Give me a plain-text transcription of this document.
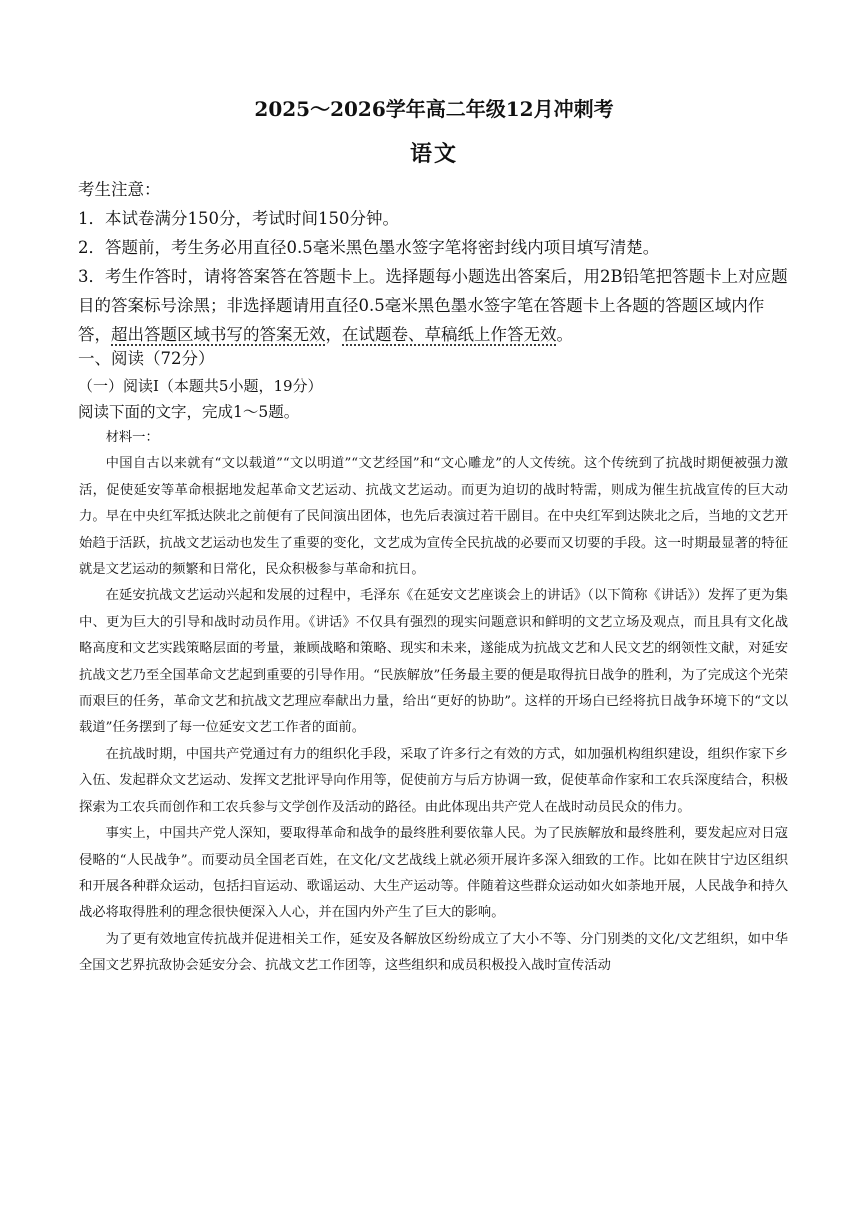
2025～2026学年高二年级12月冲刺考
语文

考生注意：

1．本试卷满分150分，考试时间150分钟。

2．答题前，考生务必用直径0.5毫米黑色墨水签字笔将密封线内项目填写清楚。

3．考生作答时，请将答案答在答题卡上。选择题每小题选出答案后，用2B铅笔把答题卡上对应题目的答案标号涂黑；非选择题请用直径0.5毫米黑色墨水签字笔在答题卡上各题的答题区域内作答，超出答题区域书写的答案无效，在试题卷、草稿纸上作答无效。

一、阅读（72分）
（一）阅读Ⅰ（本题共5小题，19分）
阅读下面的文字，完成1～5题。

材料一：

中国自古以来就有“文以载道”“文以明道”“文艺经国”和“文心雕龙”的人文传统。这个传统到了抗战时期便被强力激活，促使延安等革命根据地发起革命文艺运动、抗战文艺运动。而更为迫切的战时特需，则成为催生抗战宣传的巨大动力。早在中央红军抵达陕北之前便有了民间演出团体，也先后表演过若干剧目。在中央红军到达陕北之后，当地的文艺开始趋于活跃，抗战文艺运动也发生了重要的变化，文艺成为宣传全民抗战的必要而又切要的手段。这一时期最显著的特征就是文艺运动的频繁和日常化，民众积极参与革命和抗日。

在延安抗战文艺运动兴起和发展的过程中，毛泽东《在延安文艺座谈会上的讲话》（以下简称《讲话》）发挥了更为集中、更为巨大的引导和战时动员作用。《讲话》不仅具有强烈的现实问题意识和鲜明的文艺立场及观点，而且具有文化战略高度和文艺实践策略层面的考量，兼顾战略和策略、现实和未来，遂能成为抗战文艺和人民文艺的纲领性文献，对延安抗战文艺乃至全国革命文艺起到重要的引导作用。“民族解放”任务最主要的便是取得抗日战争的胜利，为了完成这个光荣而艰巨的任务，革命文艺和抗战文艺理应奉献出力量，给出“更好的协助”。这样的开场白已经将抗日战争环境下的“文以载道”任务摆到了每一位延安文艺工作者的面前。

在抗战时期，中国共产党通过有力的组织化手段，采取了许多行之有效的方式，如加强机构组织建设，组织作家下乡入伍、发起群众文艺运动、发挥文艺批评导向作用等，促使前方与后方协调一致，促使革命作家和工农兵深度结合，积极探索为工农兵而创作和工农兵参与文学创作及活动的路径。由此体现出共产党人在战时动员民众的伟力。

事实上，中国共产党人深知，要取得革命和战争的最终胜利要依靠人民。为了民族解放和最终胜利，要发起应对日寇侵略的“人民战争”。而要动员全国老百姓，在文化/文艺战线上就必须开展许多深入细致的工作。比如在陕甘宁边区组织和开展各种群众运动，包括扫盲运动、歌谣运动、大生产运动等。伴随着这些群众运动如火如荼地开展，人民战争和持久战必将取得胜利的理念很快便深入人心，并在国内外产生了巨大的影响。

为了更有效地宣传抗战并促进相关工作，延安及各解放区纷纷成立了大小不等、分门别类的文化/文艺组织，如中华全国文艺界抗敌协会延安分会、抗战文艺工作团等，这些组织和成员积极投入战时宣传活动
